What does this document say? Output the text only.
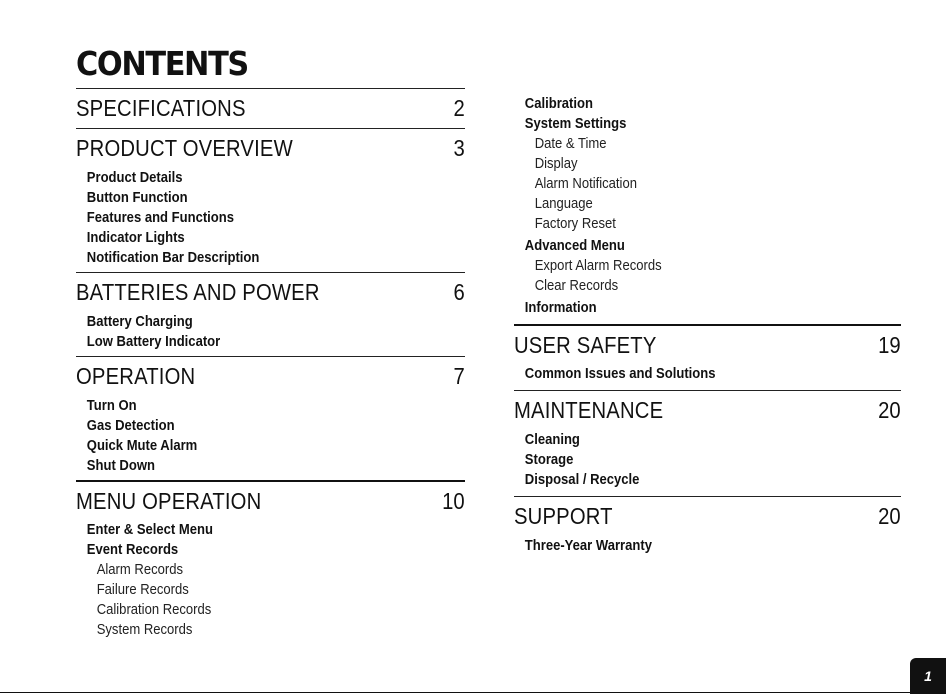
CONTENTS
SPECIFICATIONS	2
PRODUCT OVERVIEW	3
Product Details
Button Function
Features and Functions
Indicator Lights
Notification Bar Description
BATTERIES AND POWER	6
Battery Charging
Low Battery Indicator
OPERATION	7
Turn On
Gas Detection
Quick Mute Alarm
Shut Down
MENU OPERATION	10
Enter & Select Menu
Event Records
Alarm Records
Failure Records
Calibration Records
System Records
Calibration
System Settings
Date & Time
Display
Alarm Notification
Language
Factory Reset
Advanced Menu
Export Alarm Records
Clear Records
Information
USER SAFETY	19
Common Issues and Solutions
MAINTENANCE	20
Cleaning
Storage
Disposal / Recycle
SUPPORT	20
Three-Year Warranty
1
